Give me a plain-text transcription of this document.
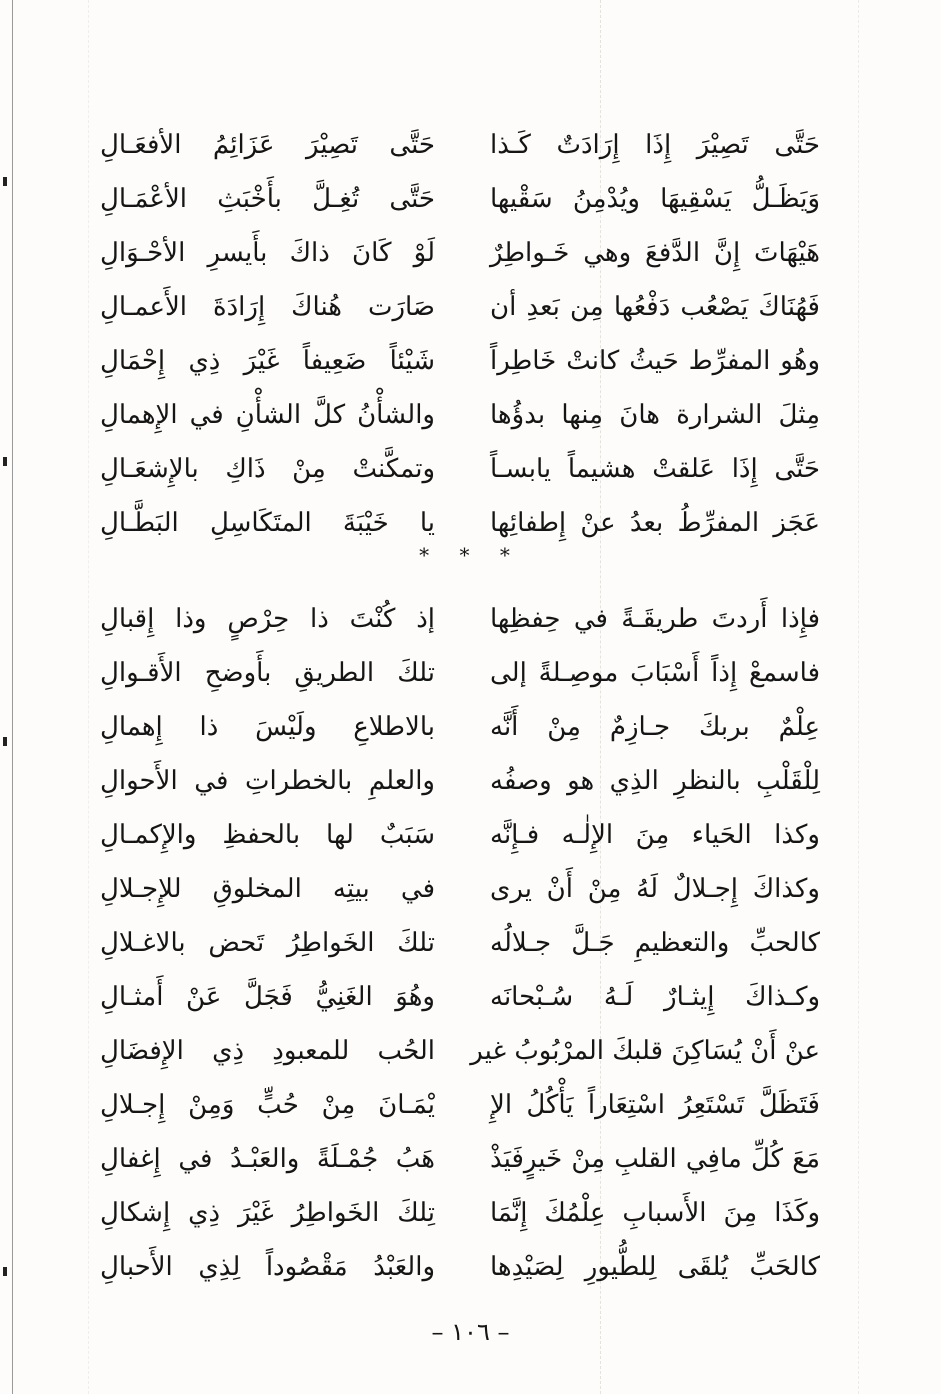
حَتَّى تَصِيْرَ إِذَا إِرَادَتٌ كَـذا
حَتَّى تَصِيْرَ عَزَائِمُ الأفعَـالِ
وَيَظَـلُّ يَسْقِيهَا ويُدْمِنُ سَقْيها
حَتَّى تُغِـلَّ بأَخْبَثِ الأعْمَـالِ
هَيْهَاتَ إِنَّ الدَّفعَ وهي خَـواطِرٌ
لَوْ كَانَ ذاكَ بأَيسرِ الأحْـوَالِ
فَهُنَاكَ يَصْعُب دَفْعُها مِن بَعدِ أن
صَارَت هُناكَ إِرَادَةَ الأَعمـالِ
وهُو المفرِّط حَيثُ كانتْ خَاطِراً
شَيْئاً ضَعِيفاً غَيْرَ ذِي إِحْمَالِ
مِثلَ الشرارة هانَ مِنها بدؤُها
والشأْنُ كلَّ الشأْنِ في الإِهمالِ
حَتَّى إِذَا عَلقتْ هشيماً يابسـاً
وتمكَّنتْ مِنْ ذَاكِ بالإِشعَـالِ
عَجَز المفرِّطُ بعدُ عنْ إِطفائِها
يا خَيْبَةَ المتَكَاسِلِ البَطَّـالِ
* * *
فإِذا أَردتَ طريقَـةً في حِفظِها
إذ كُنْتَ ذا حِرْصٍ وذا إِقبالِ
فاسمعْ إِذاً أَسْبَابَ موصِـلةً إلى
تلكَ الطريقِ بأَوضحِ الأَقـوالِ
عِلْمٌ بربكَ جـازِمٌ مِنْ أَنَّه
بالاطلاعِ ولَيْسَ ذا إِهمالِ
لِلْقَلْبِ بالنظرِ الذِي هو وصفُه
والعلمِ بالخطراتِ في الأَحوالِ
وكذا الحَياء مِنَ الإِلٰـه فـإِنَّه
سَبَبٌ لها بالحفظِ والإِكمـالِ
وكذاكَ إِجـلالٌ لَهُ مِنْ أَنْ يرى
في بيتِه المخلوقِ للإِجـلالِ
كالحبِّ والتعظيمِ جَـلَّ جـلالُه
تلكَ الخَواطِرُ تَحض بالاغـلالِ
وكـذاكَ إِيثـارٌ لَـهُ سُـبْحانَه
وهُوَ الغَنِيُّ فَجَلَّ عَنْ أَمثـالِ
عنْ أَنْ يُسَاكِنَ قلبكَ المرْبُوبُ غير
الحُب للمعبودِ ذِي الإِفضَالِ
فَتَظَلَّ تَسْتَعِرُ اسْتِعَاراً يَأْكُلُ الإِ
يْمَـانَ مِنْ حُبٍّ وَمِنْ إِجـلالِ
مَعَ كُلِّ مافِي القلبِ مِنْ خَيرٍفَيَذْ
هَبُ جُمْـلَةً والعَبْـدُ في إِغفالِ
وكَذَا مِنَ الأَسبابِ عِلْمُكَ إِنَّمَا
تِلكَ الخَواطِرُ غَيْرَ ذِي إِشكالِ
كالحَبِّ يُلقَى لِلطُّيورِ لِصَيْدِها
والعَبْدُ مَقْصُوداً لِذِي الأَحبالِ
– ١٠٦ –
